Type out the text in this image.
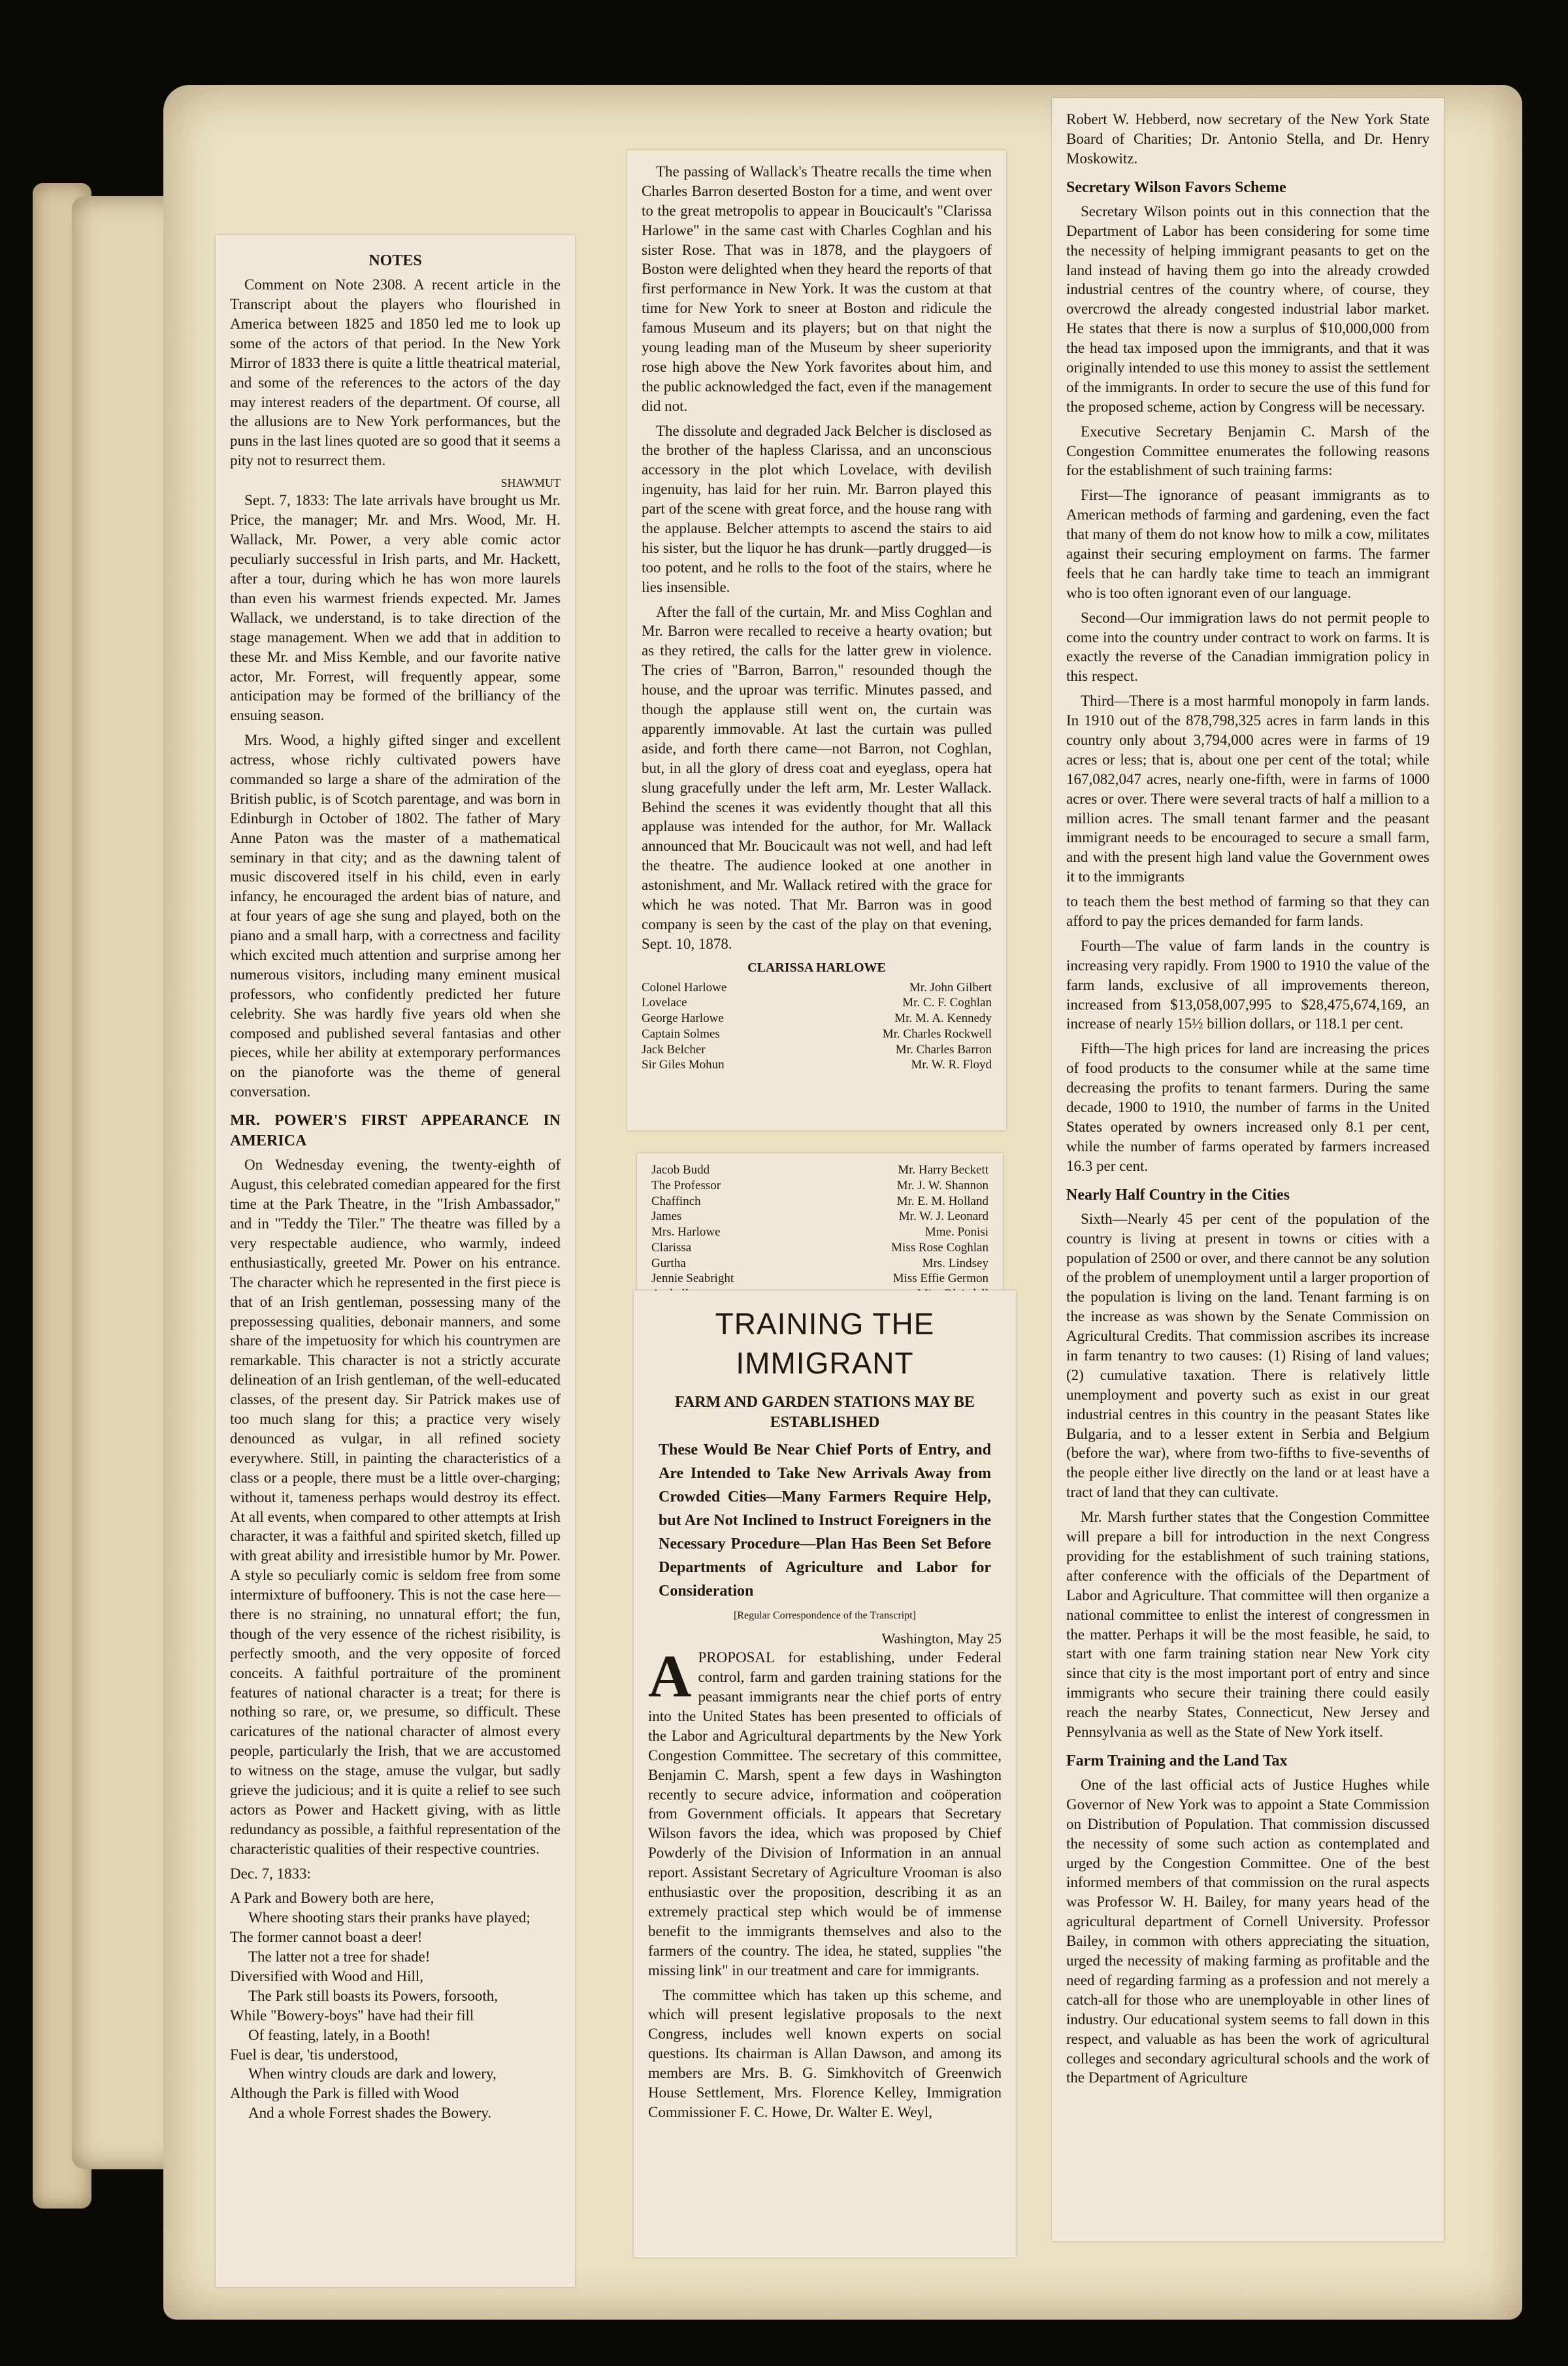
NOTES

Comment on Note 2308. A recent article in the Transcript about the players who flourished in America between 1825 and 1850 led me to look up some of the actors of that period. In the New York Mirror of 1833 there is quite a little theatrical material, and some of the references to the actors of the day may interest readers of the department. Of course, all the allusions are to New York performances, but the puns in the last lines quoted are so good that it seems a pity not to resurrect them.

SHAWMUT

Sept. 7, 1833: The late arrivals have brought us Mr. Price, the manager; Mr. and Mrs. Wood, Mr. H. Wallack, Mr. Power, a very able comic actor peculiarly successful in Irish parts, and Mr. Hackett, after a tour, during which he has won more laurels than even his warmest friends expected. Mr. James Wallack, we understand, is to take direction of the stage management. When we add that in addition to these Mr. and Miss Kemble, and our favorite native actor, Mr. Forrest, will frequently appear, some anticipation may be formed of the brilliancy of the ensuing season.

Mrs. Wood, a highly gifted singer and excellent actress, whose richly cultivated powers have commanded so large a share of the admiration of the British public, is of Scotch parentage, and was born in Edinburgh in October of 1802. The father of Mary Anne Paton was the master of a mathematical seminary in that city; and as the dawning talent of music discovered itself in his child, even in early infancy, he encouraged the ardent bias of nature, and at four years of age she sung and played, both on the piano and a small harp, with a correctness and facility which excited much attention and surprise among her numerous visitors, including many eminent musical professors, who confidently predicted her future celebrity. She was hardly five years old when she composed and published several fantasias and other pieces, while her ability at extemporary performances on the pianoforte was the theme of general conversation.

MR. POWER'S FIRST APPEARANCE IN AMERICA

On Wednesday evening, the twenty-eighth of August, this celebrated comedian appeared for the first time at the Park Theatre, in the "Irish Ambassador," and in "Teddy the Tiler." The theatre was filled by a very respectable audience, who warmly, indeed enthusiastically, greeted Mr. Power on his entrance. The character which he represented in the first piece is that of an Irish gentleman, possessing many of the prepossessing qualities, debonair manners, and some share of the impetuosity for which his countrymen are remarkable. This character is not a strictly accurate delineation of an Irish gentleman, of the well-educated classes, of the present day. Sir Patrick makes use of too much slang for this; a practice very wisely denounced as vulgar, in all refined society everywhere. Still, in painting the characteristics of a class or a people, there must be a little over-charging; without it, tameness perhaps would destroy its effect. At all events, when compared to other attempts at Irish character, it was a faithful and spirited sketch, filled up with great ability and irresistible humor by Mr. Power. A style so peculiarly comic is seldom free from some intermixture of buffoonery. This is not the case here—there is no straining, no unnatural effort; the fun, though of the very essence of the richest risibility, is perfectly smooth, and the very opposite of forced conceits. A faithful portraiture of the prominent features of national character is a treat; for there is nothing so rare, or, we presume, so difficult. These caricatures of the national character of almost every people, particularly the Irish, that we are accustomed to witness on the stage, amuse the vulgar, but sadly grieve the judicious; and it is quite a relief to see such actors as Power and Hackett giving, with as little redundancy as possible, a faithful representation of the characteristic qualities of their respective countries.

Dec. 7, 1833:

A Park and Bowery both are here,

Where shooting stars their pranks have played;

The former cannot boast a deer!

The latter not a tree for shade!

Diversified with Wood and Hill,

The Park still boasts its Powers, forsooth,

While "Bowery-boys" have had their fill

Of feasting, lately, in a Booth!

Fuel is dear, 'tis understood,

When wintry clouds are dark and lowery,

Although the Park is filled with Wood

And a whole Forrest shades the Bowery.

The passing of Wallack's Theatre recalls the time when Charles Barron deserted Boston for a time, and went over to the great metropolis to appear in Boucicault's "Clarissa Harlowe" in the same cast with Charles Coghlan and his sister Rose. That was in 1878, and the playgoers of Boston were delighted when they heard the reports of that first performance in New York. It was the custom at that time for New York to sneer at Boston and ridicule the famous Museum and its players; but on that night the young leading man of the Museum by sheer superiority rose high above the New York favorites about him, and the public acknowledged the fact, even if the management did not.

The dissolute and degraded Jack Belcher is disclosed as the brother of the hapless Clarissa, and an unconscious accessory in the plot which Lovelace, with devilish ingenuity, has laid for her ruin. Mr. Barron played this part of the scene with great force, and the house rang with the applause. Belcher attempts to ascend the stairs to aid his sister, but the liquor he has drunk—partly drugged—is too potent, and he rolls to the foot of the stairs, where he lies insensible.

After the fall of the curtain, Mr. and Miss Coghlan and Mr. Barron were recalled to receive a hearty ovation; but as they retired, the calls for the latter grew in violence. The cries of "Barron, Barron," resounded though the house, and the uproar was terrific. Minutes passed, and though the applause still went on, the curtain was apparently immovable. At last the curtain was pulled aside, and forth there came—not Barron, not Coghlan, but, in all the glory of dress coat and eyeglass, opera hat slung gracefully under the left arm, Mr. Lester Wallack. Behind the scenes it was evidently thought that all this applause was intended for the author, for Mr. Wallack announced that Mr. Boucicault was not well, and had left the theatre. The audience looked at one another in astonishment, and Mr. Wallack retired with the grace for which he was noted. That Mr. Barron was in good company is seen by the cast of the play on that evening, Sept. 10, 1878.

CLARISSA HARLOWE
Colonel Harlowe	Mr. John Gilbert
Lovelace	Mr. C. F. Coghlan
George Harlowe	Mr. M. A. Kennedy
Captain Solmes	Mr. Charles Rockwell
Jack Belcher	Mr. Charles Barron
Sir Giles Mohun	Mr. W. R. Floyd
Jacob Budd	Mr. Harry Beckett
The Professor	Mr. J. W. Shannon
Chaffinch	Mr. E. M. Holland
James	Mr. W. J. Leonard
Mrs. Harlowe	Mme. Ponisi
Clarissa	Miss Rose Coghlan
Gurtha	Mrs. Lindsey
Jennie Seabright	Miss Effie Germon
TRAINING THE IMMIGRANT
FARM AND GARDEN STATIONS MAY BE ESTABLISHED
These Would Be Near Chief Ports of Entry, and Are Intended to Take New Arrivals Away from Crowded Cities—Many Farmers Require Help, but Are Not Inclined to Instruct Foreigners in the Necessary Procedure—Plan Has Been Set Before Departments of Agriculture and Labor for Consideration
[Regular Correspondence of the Transcript]
Washington, May 25
A PROPOSAL for establishing, under Federal control, farm and garden training stations for the peasant immigrants near the chief ports of entry into the United States has been presented to officials of the Labor and Agricultural departments by the New York Congestion Committee. The secretary of this committee, Benjamin C. Marsh, spent a few days in Washington recently to secure advice, information and coöperation from Government officials. It appears that Secretary Wilson favors the idea, which was proposed by Chief Powderly of the Division of Information in an annual report. Assistant Secretary of Agriculture Vrooman is also enthusiastic over the proposition, describing it as an extremely practical step which would be of immense benefit to the immigrants themselves and also to the farmers of the country. The idea, he stated, supplies "the missing link" in our treatment and care for immigrants.

The committee which has taken up this scheme, and which will present legislative proposals to the next Congress, includes well known experts on social questions. Its chairman is Allan Dawson, and among its members are Mrs. B. G. Simkhovitch of Greenwich House Settlement, Mrs. Florence Kelley, Immigration Commissioner F. C. Howe, Dr. Walter E. Weyl,

Robert W. Hebberd, now secretary of the New York State Board of Charities; Dr. Antonio Stella, and Dr. Henry Moskowitz.

Secretary Wilson Favors Scheme

Secretary Wilson points out in this connection that the Department of Labor has been considering for some time the necessity of helping immigrant peasants to get on the land instead of having them go into the already crowded industrial centres of the country where, of course, they overcrowd the already congested industrial labor market. He states that there is now a surplus of $10,000,000 from the head tax imposed upon the immigrants, and that it was originally intended to use this money to assist the settlement of the immigrants. In order to secure the use of this fund for the proposed scheme, action by Congress will be necessary.

Executive Secretary Benjamin C. Marsh of the Congestion Committee enumerates the following reasons for the establishment of such training farms:

First—The ignorance of peasant immigrants as to American methods of farming and gardening, even the fact that many of them do not know how to milk a cow, militates against their securing employment on farms. The farmer feels that he can hardly take time to teach an immigrant who is too often ignorant even of our language.

Second—Our immigration laws do not permit people to come into the country under contract to work on farms. It is exactly the reverse of the Canadian immigration policy in this respect.

Third—There is a most harmful monopoly in farm lands. In 1910 out of the 878,798,325 acres in farm lands in this country only about 3,794,000 acres were in farms of 19 acres or less; that is, about one per cent of the total; while 167,082,047 acres, nearly one-fifth, were in farms of 1000 acres or over. There were several tracts of half a million to a million acres. The small tenant farmer and the peasant immigrant needs to be encouraged to secure a small farm, and with the present high land value the Government owes it to the immigrants

to teach them the best method of farming so that they can afford to pay the prices demanded for farm lands.

Fourth—The value of farm lands in the country is increasing very rapidly. From 1900 to 1910 the value of the farm lands, exclusive of all improvements thereon, increased from $13,058,007,995 to $28,475,674,169, an increase of nearly 15½ billion dollars, or 118.1 per cent.

Fifth—The high prices for land are increasing the prices of food products to the consumer while at the same time decreasing the profits to tenant farmers. During the same decade, 1900 to 1910, the number of farms in the United States operated by owners increased only 8.1 per cent, while the number of farms operated by farmers increased 16.3 per cent.

Nearly Half Country in the Cities

Sixth—Nearly 45 per cent of the population of the country is living at present in towns or cities with a population of 2500 or over, and there cannot be any solution of the problem of unemployment until a larger proportion of the population is living on the land. Tenant farming is on the increase as was shown by the Senate Commission on Agricultural Credits. That commission ascribes its increase in farm tenantry to two causes: (1) Rising of land values; (2) cumulative taxation. There is relatively little unemployment and poverty such as exist in our great industrial centres in this country in the peasant States like Bulgaria, and to a lesser extent in Serbia and Belgium (before the war), where from two-fifths to five-sevenths of the people either live directly on the land or at least have a tract of land that they can cultivate.

Mr. Marsh further states that the Congestion Committee will prepare a bill for introduction in the next Congress providing for the establishment of such training stations, after conference with the officials of the Department of Labor and Agriculture. That committee will then organize a national committee to enlist the interest of congressmen in the matter. Perhaps it will be the most feasible, he said, to start with one farm training station near New York city since that city is the most important port of entry and since immigrants who secure their training there could easily reach the nearby States, Connecticut, New Jersey and Pennsylvania as well as the State of New York itself.

Farm Training and the Land Tax

One of the last official acts of Justice Hughes while Governor of New York was to appoint a State Commission on Distribution of Population. That commission discussed the necessity of some such action as contemplated and urged by the Congestion Committee. One of the best informed members of that commission on the rural aspects was Professor W. H. Bailey, for many years head of the agricultural department of Cornell University. Professor Bailey, in common with others appreciating the situation, urged the necessity of making farming as profitable and the need of regarding farming as a profession and not merely a catch-all for those who are unemployable in other lines of industry. Our educational system seems to fall down in this respect, and valuable as has been the work of agricultural colleges and secondary agricultural schools and the work of the Department of Agriculture
